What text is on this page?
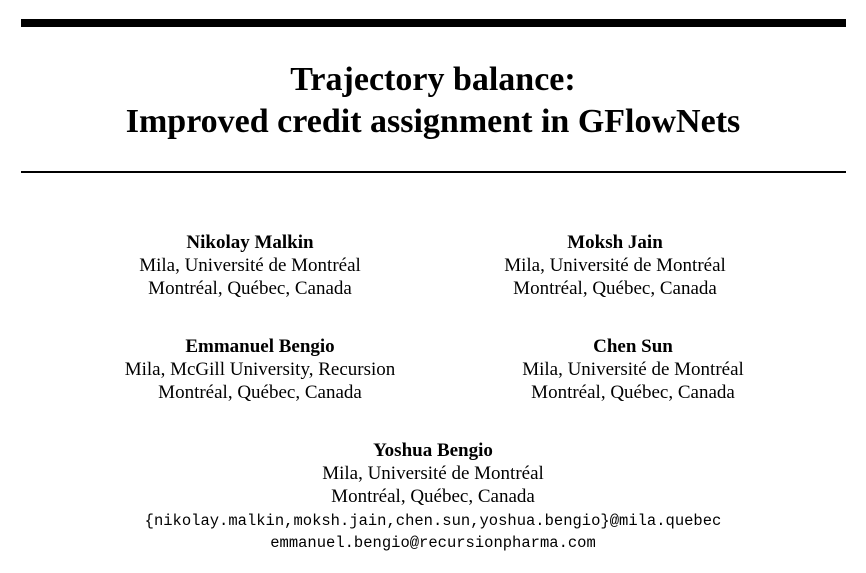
Trajectory balance:
Improved credit assignment in GFlowNets
Nikolay Malkin
Mila, Université de Montréal
Montréal, Québec, Canada
Moksh Jain
Mila, Université de Montréal
Montréal, Québec, Canada
Emmanuel Bengio
Mila, McGill University, Recursion
Montréal, Québec, Canada
Chen Sun
Mila, Université de Montréal
Montréal, Québec, Canada
Yoshua Bengio
Mila, Université de Montréal
Montréal, Québec, Canada
{nikolay.malkin,moksh.jain,chen.sun,yoshua.bengio}@mila.quebec
emmanuel.bengio@recursionpharma.com
